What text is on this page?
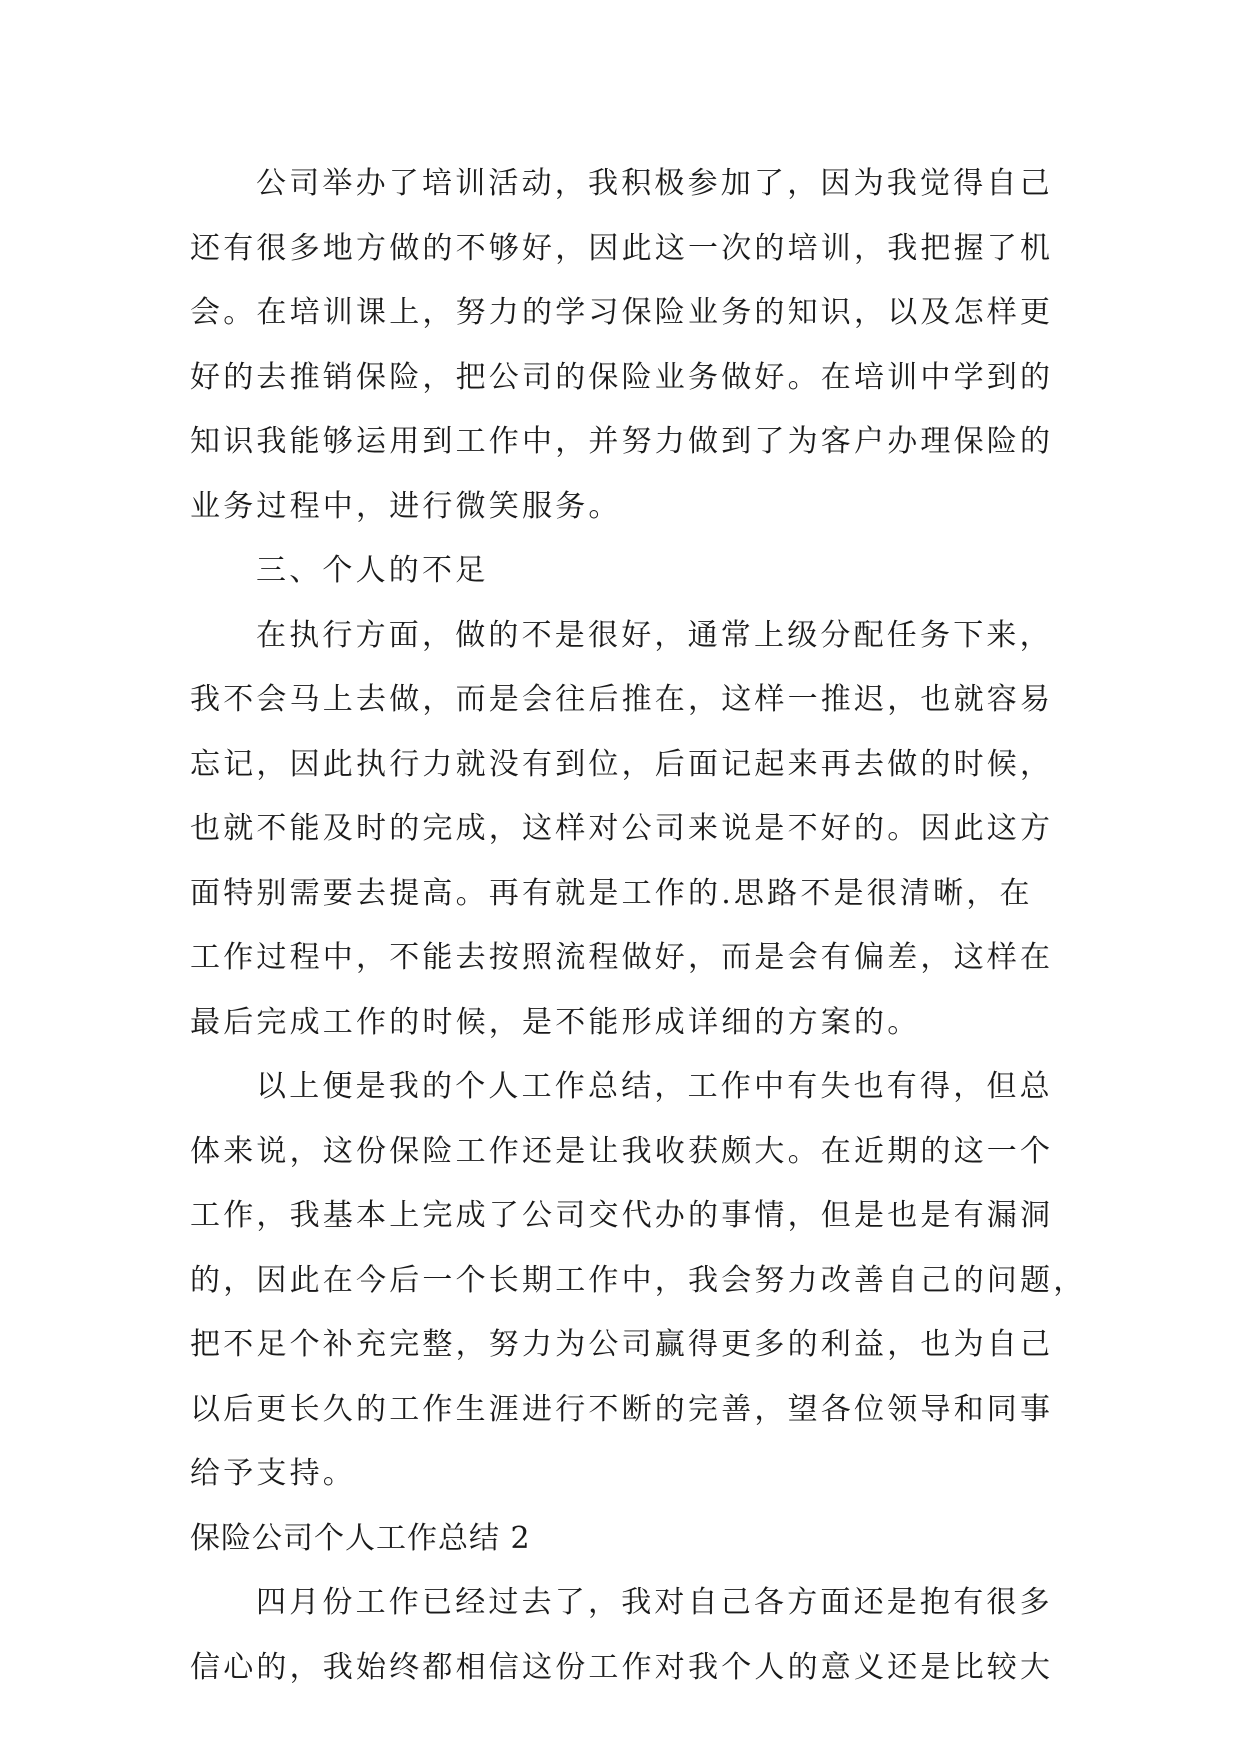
公司举办了培训活动，我积极参加了，因为我觉得自己
还有很多地方做的不够好，因此这一次的培训，我把握了机
会。在培训课上，努力的学习保险业务的知识，以及怎样更
好的去推销保险，把公司的保险业务做好。在培训中学到的
知识我能够运用到工作中，并努力做到了为客户办理保险的
业务过程中，进行微笑服务。
三、个人的不足
在执行方面，做的不是很好，通常上级分配任务下来，
我不会马上去做，而是会往后推在，这样一推迟，也就容易
忘记，因此执行力就没有到位，后面记起来再去做的时候，
也就不能及时的完成，这样对公司来说是不好的。因此这方
面特别需要去提高。再有就是工作的.思路不是很清晰，在
工作过程中，不能去按照流程做好，而是会有偏差，这样在
最后完成工作的时候，是不能形成详细的方案的。
以上便是我的个人工作总结，工作中有失也有得，但总
体来说，这份保险工作还是让我收获颇大。在近期的这一个
工作，我基本上完成了公司交代办的事情，但是也是有漏洞
的，因此在今后一个长期工作中，我会努力改善自己的问题，
把不足个补充完整，努力为公司赢得更多的利益，也为自己
以后更长久的工作生涯进行不断的完善，望各位领导和同事
给予支持。
保险公司个人工作总结 2
四月份工作已经过去了，我对自己各方面还是抱有很多
信心的，我始终都相信这份工作对我个人的意义还是比较大
